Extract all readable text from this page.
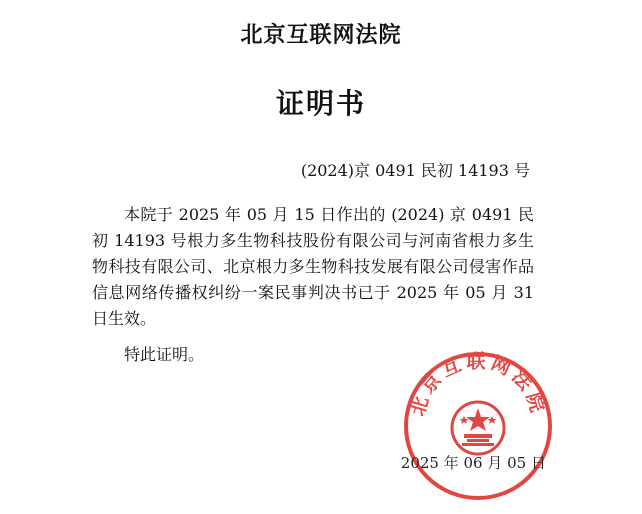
北京互联网法院
证明书
(2024)京 0491 民初 14193 号

本院于 2025 年 05 月 15 日作出的 (2024) 京 0491 民初 14193 号根力多生物科技股份有限公司与河南省根力多生物科技有限公司、北京根力多生物科技发展有限公司侵害作品信息网络传播权纠纷一案民事判决书已于 2025 年 05 月 31 日生效。

特此证明。

北京互联网法院
2025 年 06 月 05 日
